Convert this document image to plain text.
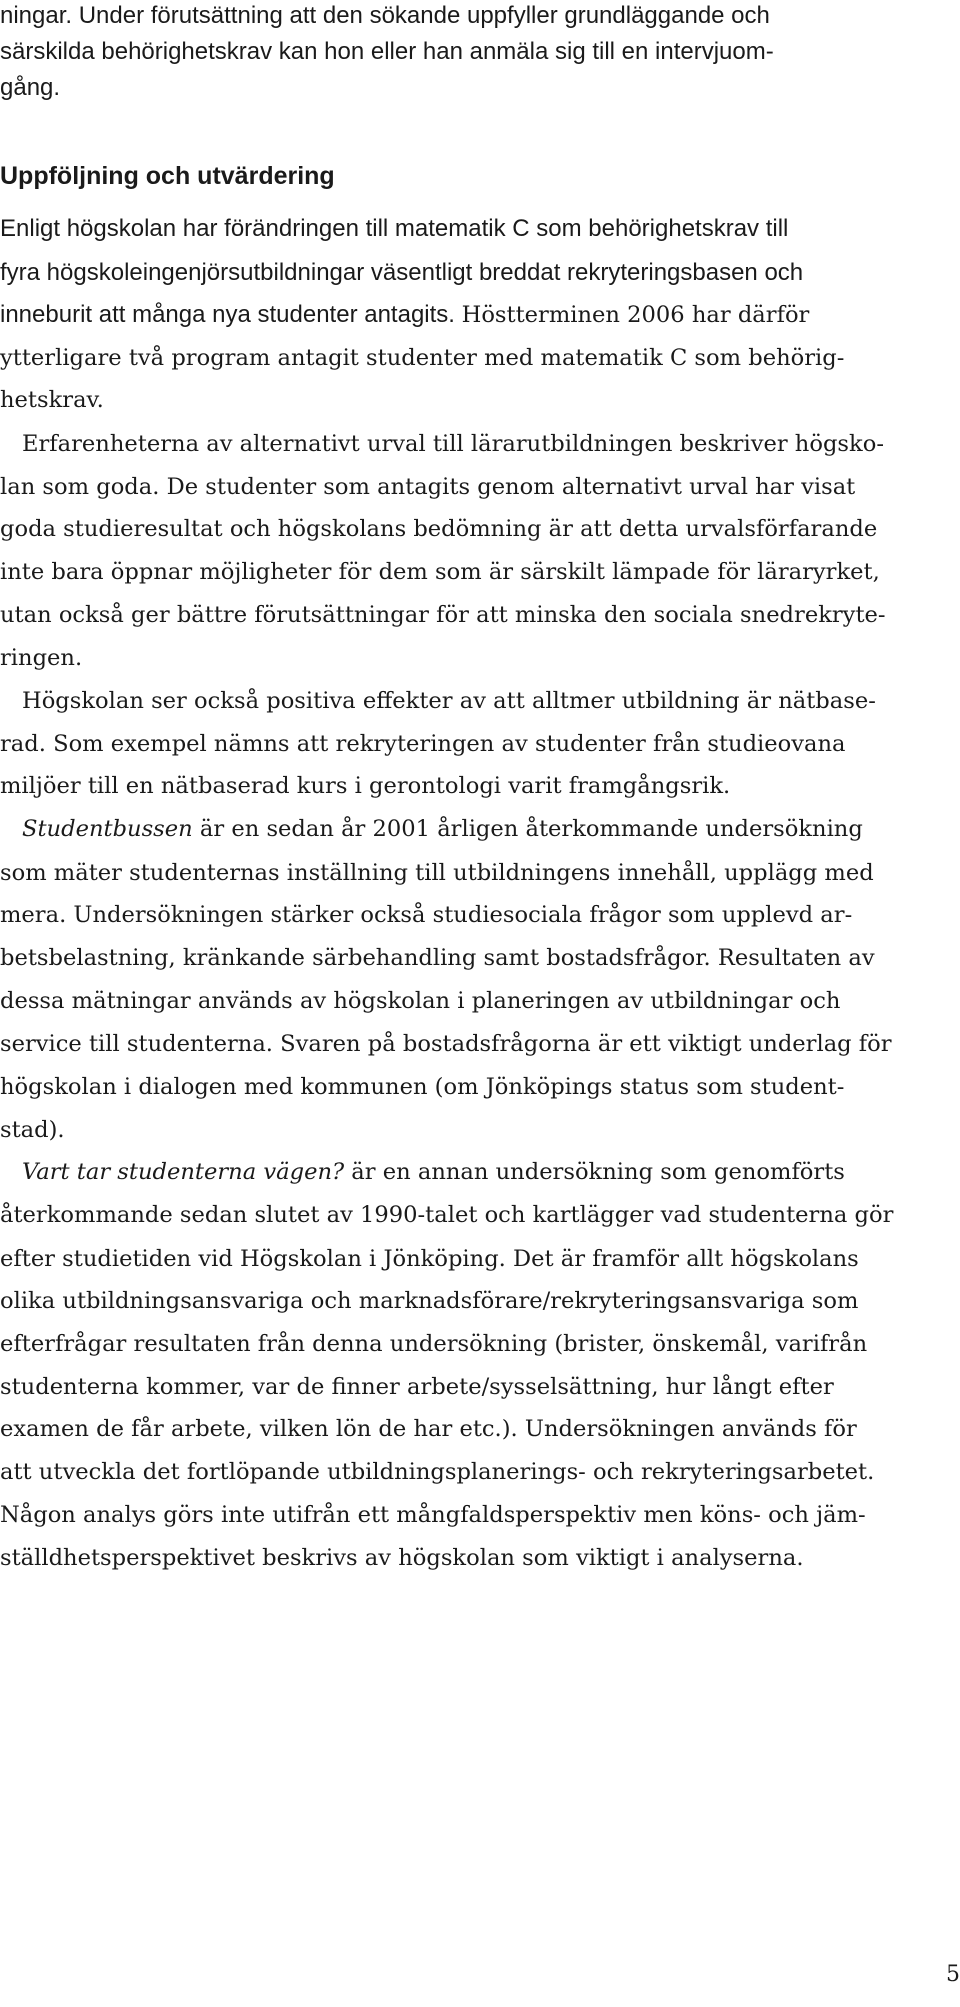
ningar. Under förutsättning att den sökande uppfyller grundläggande och
särskilda behörighetskrav kan hon eller han anmäla sig till en intervjuom-
gång.
Uppföljning och utvärdering
Enligt högskolan har förändringen till matematik C som behörighetskrav till
fyra högskoleingenjörsutbildningar väsentligt breddat rekryteringsbasen och
inneburit att många nya studenter antagits. Höstterminen 2006 har därför
ytterligare två program antagit studenter med matematik C som behörig-
hetskrav.
Erfarenheterna av alternativt urval till lärarutbildningen beskriver högsko-
lan som goda. De studenter som antagits genom alternativt urval har visat
goda studieresultat och högskolans bedömning är att detta urvalsförfarande
inte bara öppnar möjligheter för dem som är särskilt lämpade för läraryrket,
utan också ger bättre förutsättningar för att minska den sociala snedrekryte-
ringen.
Högskolan ser också positiva effekter av att alltmer utbildning är nätbase-
rad. Som exempel nämns att rekryteringen av studenter från studieovana
miljöer till en nätbaserad kurs i gerontologi varit framgångsrik.
Studentbussen är en sedan år 2001 årligen återkommande undersökning
som mäter studenternas inställning till utbildningens innehåll, upplägg med
mera. Undersökningen stärker också studiesociala frågor som upplevd ar-
betsbelastning, kränkande särbehandling samt bostadsfrågor. Resultaten av
dessa mätningar används av högskolan i planeringen av utbildningar och
service till studenterna. Svaren på bostadsfrågorna är ett viktigt underlag för
högskolan i dialogen med kommunen (om Jönköpings status som student-
stad).
Vart tar studenterna vägen? är en annan undersökning som genomförts
återkommande sedan slutet av 1990-talet och kartlägger vad studenterna gör
efter studietiden vid Högskolan i Jönköping. Det är framför allt högskolans
olika utbildningsansvariga och marknadsförare/rekryteringsansvariga som
efterfrågar resultaten från denna undersökning (brister, önskemål, varifrån
studenterna kommer, var de finner arbete/sysselsättning, hur långt efter
examen de får arbete, vilken lön de har etc.). Undersökningen används för
att utveckla det fortlöpande utbildningsplanerings- och rekryteringsarbetet.
Någon analys görs inte utifrån ett mångfaldsperspektiv men köns- och jäm-
ställdhetsperspektivet beskrivs av högskolan som viktigt i analyserna.
5
